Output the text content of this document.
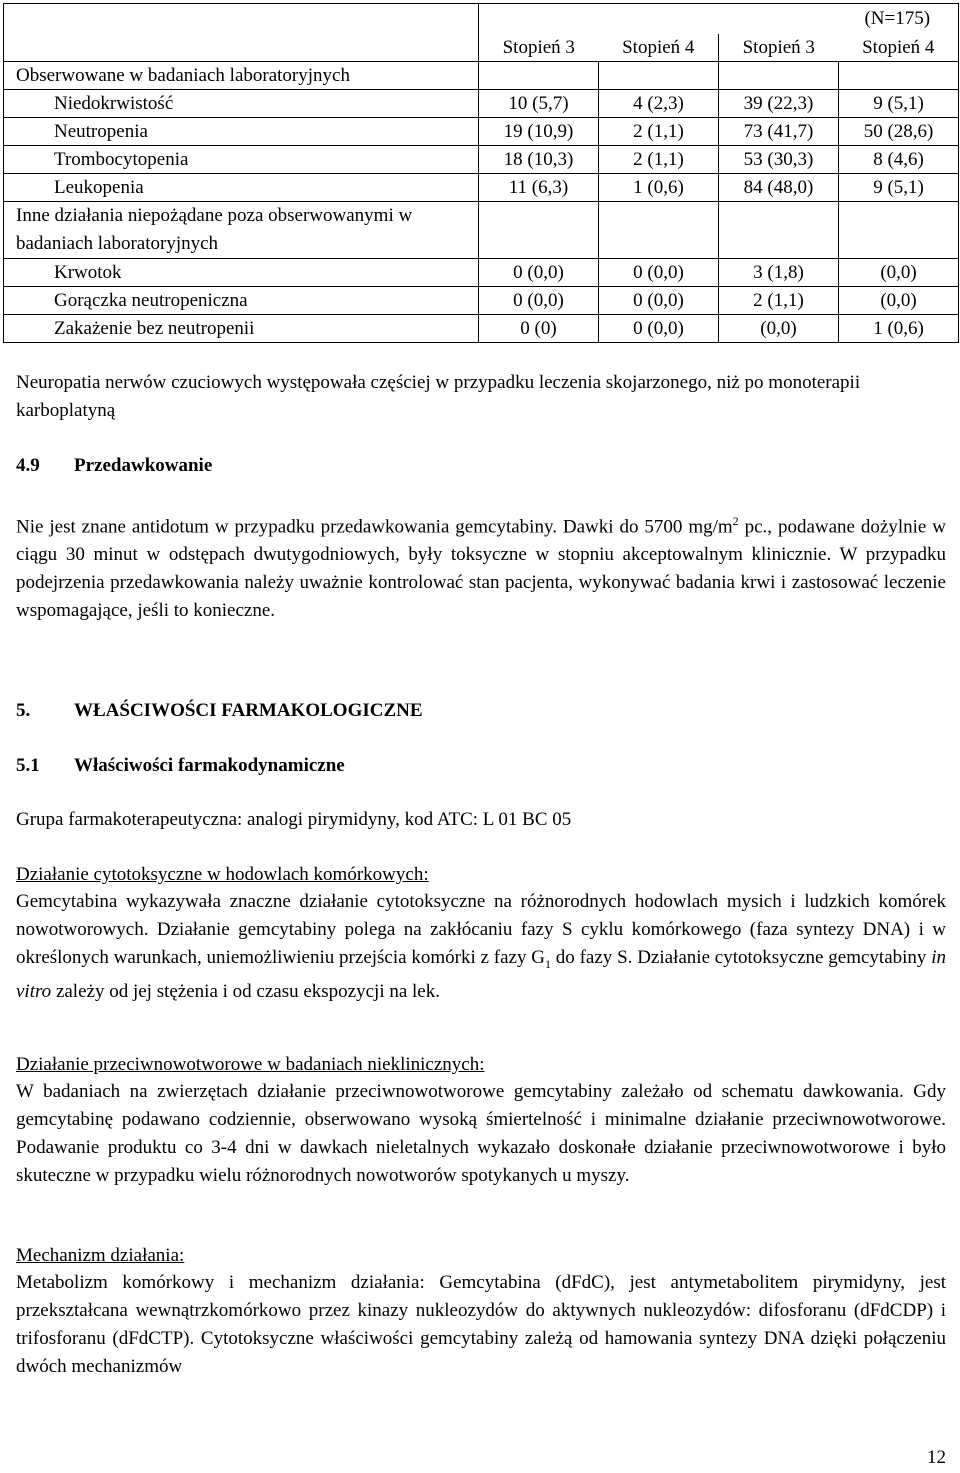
	(N=175)			
	Stopień 3	Stopień 4	Stopień 3	Stopień 4
Obserwowane w badaniach laboratoryjnych				
Niedokrwistość	10 (5,7)	4 (2,3)	39 (22,3)	9 (5,1)
Neutropenia	19 (10,9)	2 (1,1)	73 (41,7)	50 (28,6)
Trombocytopenia	18 (10,3)	2 (1,1)	53 (30,3)	8 (4,6)
Leukopenia	11 (6,3)	1 (0,6)	84 (48,0)	9 (5,1)
Inne działania niepożądane poza obserwowanymi w badaniach laboratoryjnych				
Krwotok	0 (0,0)	0 (0,0)	3 (1,8)	(0,0)
Gorączka neutropeniczna	0 (0,0)	0 (0,0)	2 (1,1)	(0,0)
Zakażenie bez neutropenii	0 (0)	0 (0,0)	(0,0)	1 (0,6)

Neuropatia nerwów czuciowych występowała częściej w przypadku leczenia skojarzonego, niż po monoterapii karboplatyną

4.9 Przedawkowanie

Nie jest znane antidotum w przypadku przedawkowania gemcytabiny. Dawki do 5700 $mg/m^2$ pc., podawane dożylnie w ciągu 30 minut w odstępach dwutygodniowych, były toksyczne w stopniu akceptowalnym klinicznie. W przypadku podejrzenia przedawkowania należy uważnie kontrolować stan pacjenta, wykonywać badania krwi i zastosować leczenie wspomagające, jeśli to konieczne.

5. WŁAŚCIWOŚCI FARMAKOLOGICZNE

5.1 Właściwości farmakodynamiczne

Grupa farmakoterapeutyczna: analogi pirymidyny, kod ATC: L 01 BC 05

Działanie cytotoksyczne w hodowlach komórkowych:

Gemcytabina wykazywała znaczne działanie cytotoksyczne na różnorodnych hodowlach mysich i ludzkich komórek nowotworowych. Działanie gemcytabiny polega na zakłócaniu fazy S cyklu komórkowego (faza syntezy DNA) i w określonych warunkach, uniemożliwieniu przejścia komórki z fazy $G_1$ do fazy S. Działanie cytotoksyczne gemcytabiny in vitro zależy od jej stężenia i od czasu ekspozycji na lek.

Działanie przeciwnowotworowe w badaniach nieklinicznych:

W badaniach na zwierzętach działanie przeciwnowotworowe gemcytabiny zależało od schematu dawkowania. Gdy gemcytabinę podawano codziennie, obserwowano wysoką śmiertelność i minimalne działanie przeciwnowotworowe. Podawanie produktu co 3-4 dni w dawkach nieletalnych wykazało doskonałe działanie przeciwnowotworowe i było skuteczne w przypadku wielu różnorodnych nowotworów spotykanych u myszy.

Mechanizm działania:

Metabolizm komórkowy i mechanizm działania: Gemcytabina (dFdC), jest antymetabolitem pirymidyny, jest przekształcana wewnątrzkomórkowo przez kinazy nukleozydów do aktywnych nukleozydów: difosforanu (dFdCDP) i trifosforanu (dFdCTP). Cytotoksyczne właściwości gemcytabiny zależą od hamowania syntezy DNA dzięki połączeniu dwóch mechanizmów

12
